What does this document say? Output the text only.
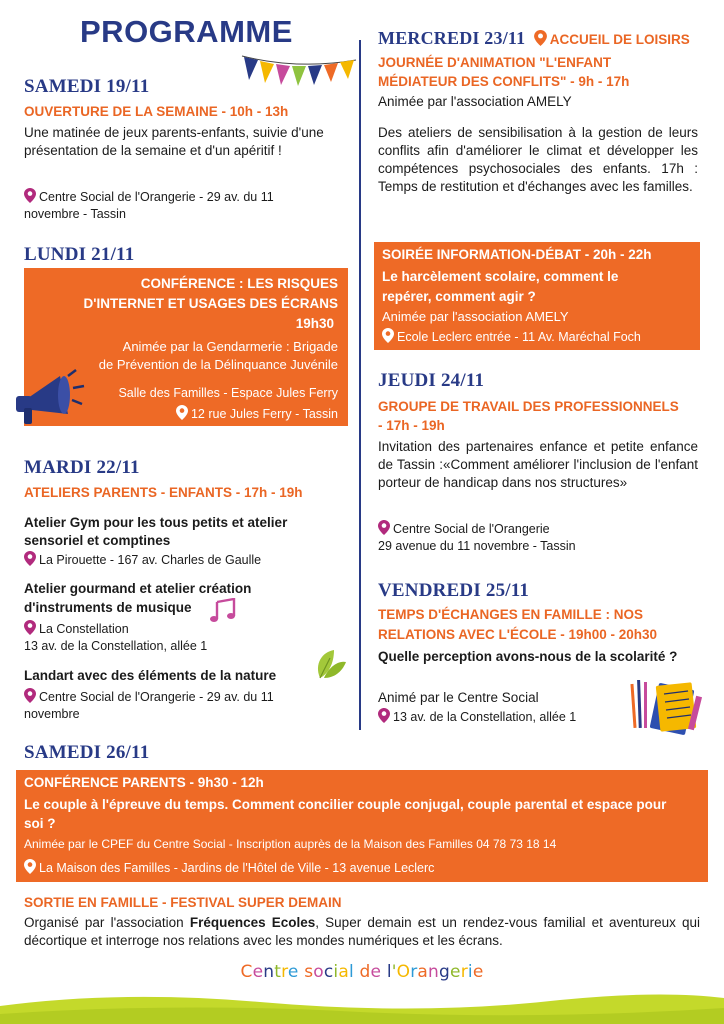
PROGRAMME
SAMEDI 19/11
OUVERTURE DE LA SEMAINE - 10h - 13h
Une matinée de jeux parents-enfants, suivie d'une présentation de la semaine et d'un apéritif !
Centre Social de l'Orangerie - 29 av. du 11
novembre - Tassin
LUNDI 21/11
CONFÉRENCE : LES RISQUES
D'INTERNET ET USAGES DES ÉCRANS
19h30
Animée par la Gendarmerie : Brigade
de Prévention de la Délinquance Juvénile
Salle des Familles - Espace Jules Ferry
12 rue Jules Ferry - Tassin
MARDI 22/11
ATELIERS PARENTS - ENFANTS - 17h - 19h
Atelier Gym pour les tous petits et atelier
sensoriel et comptines
La Pirouette - 167 av. Charles de Gaulle
Atelier gourmand et atelier création
d'instruments de musique
La Constellation
13 av. de la Constellation, allée 1
Landart avec des éléments de la nature
Centre Social de l'Orangerie - 29 av. du 11
novembre
MERCREDI 23/11 ACCUEIL DE LOISIRS
JOURNÉE D'ANIMATION "L'ENFANT
MÉDIATEUR DES CONFLITS" - 9h - 17h
Animée par l'association AMELY
Des ateliers de sensibilisation à la gestion de leurs conflits afin d'améliorer le climat et développer les compétences psychosociales des enfants. 17h : Temps de restitution et d'échanges avec les familles.
SOIRÉE INFORMATION-DÉBAT - 20h - 22h
Le harcèlement scolaire, comment le
repérer, comment agir ?
Animée par l'association AMELY
Ecole Leclerc entrée - 11 Av. Maréchal Foch
JEUDI 24/11
GROUPE DE TRAVAIL DES PROFESSIONNELS
- 17h - 19h
Invitation des partenaires enfance et petite enfance de Tassin :«Comment améliorer l'inclusion de l'enfant porteur de handicap dans nos structures»
Centre Social de l'Orangerie
29 avenue du 11 novembre - Tassin
VENDREDI 25/11
TEMPS D'ÉCHANGES EN FAMILLE : NOS
RELATIONS AVEC L'ÉCOLE - 19h00 - 20h30
Quelle perception avons-nous de la scolarité ?
Animé par le Centre Social
13 av. de la Constellation, allée 1
SAMEDI 26/11
CONFÉRENCE PARENTS - 9h30 - 12h
Le couple à l'épreuve du temps. Comment concilier couple conjugal, couple parental et espace pour soi ?
Animée par le CPEF du Centre Social - Inscription auprès de la Maison des Familles 04 78 73 18 14
La Maison des Familles - Jardins de l'Hôtel de Ville - 13 avenue Leclerc
SORTIE EN FAMILLE - FESTIVAL SUPER DEMAIN
Organisé par l'association Fréquences Ecoles, Super demain est un rendez-vous familial et aventureux qui décortique et interroge nos relations avec les mondes numériques et les écrans.
Centre social de l'Orangerie
